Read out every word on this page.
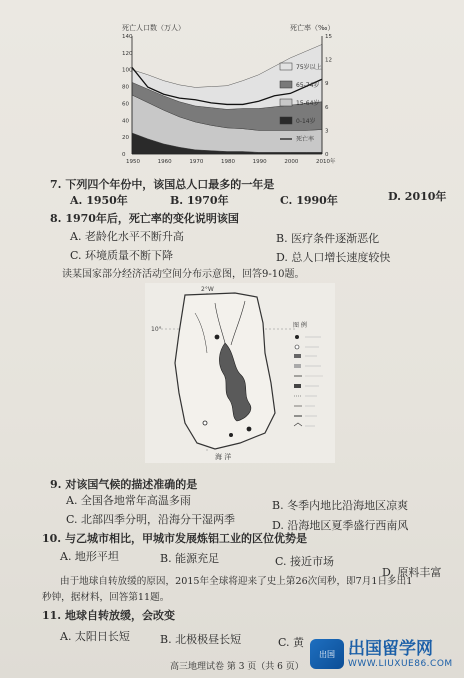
死亡人口数（万人）	死亡率（‰）
1950	1960	1970	1980	1990	2000	2010年
0
20
40
60
80
100
120
140
0
3
6
9
12
15
75岁以上
65-74岁
15-64岁
0-14岁
死亡率
7. 下列四个年份中，该国总人口最多的一年是
A. 1950年	B. 1970年	C. 1990年	D. 2010年
8. 1970年后，死亡率的变化说明该国
A. 老龄化水平不断升高	B. 医疗条件逐渐恶化
C. 环境质量不断下降	D. 总人口增长速度较快
读某国家部分经济活动空间分布示意图，回答9-10题。
2°W
10°
海 洋
图 例
9. 对该国气候的描述准确的是
A. 全国各地常年高温多雨	B. 冬季内地比沿海地区凉爽
C. 北部四季分明，沿海分干湿两季	D. 沿海地区夏季盛行西南风
10. 与乙城市相比，甲城市发展炼铝工业的区位优势是
A. 地形平坦	B. 能源充足	C. 接近市场
D. 原料丰富
由于地球自转放缓的原因，2015年全球将迎来了史上第26次闰秒，即7月1日多出1
秒钟，据材料，回答第11题。
11. 地球自转放缓，会改变
A. 太阳日长短	B. 北极极昼长短	C. 黄
高三地理试卷 第 3 页（共 6 页）
出国 出国留学网
WWW.LIUXUE86.COM
